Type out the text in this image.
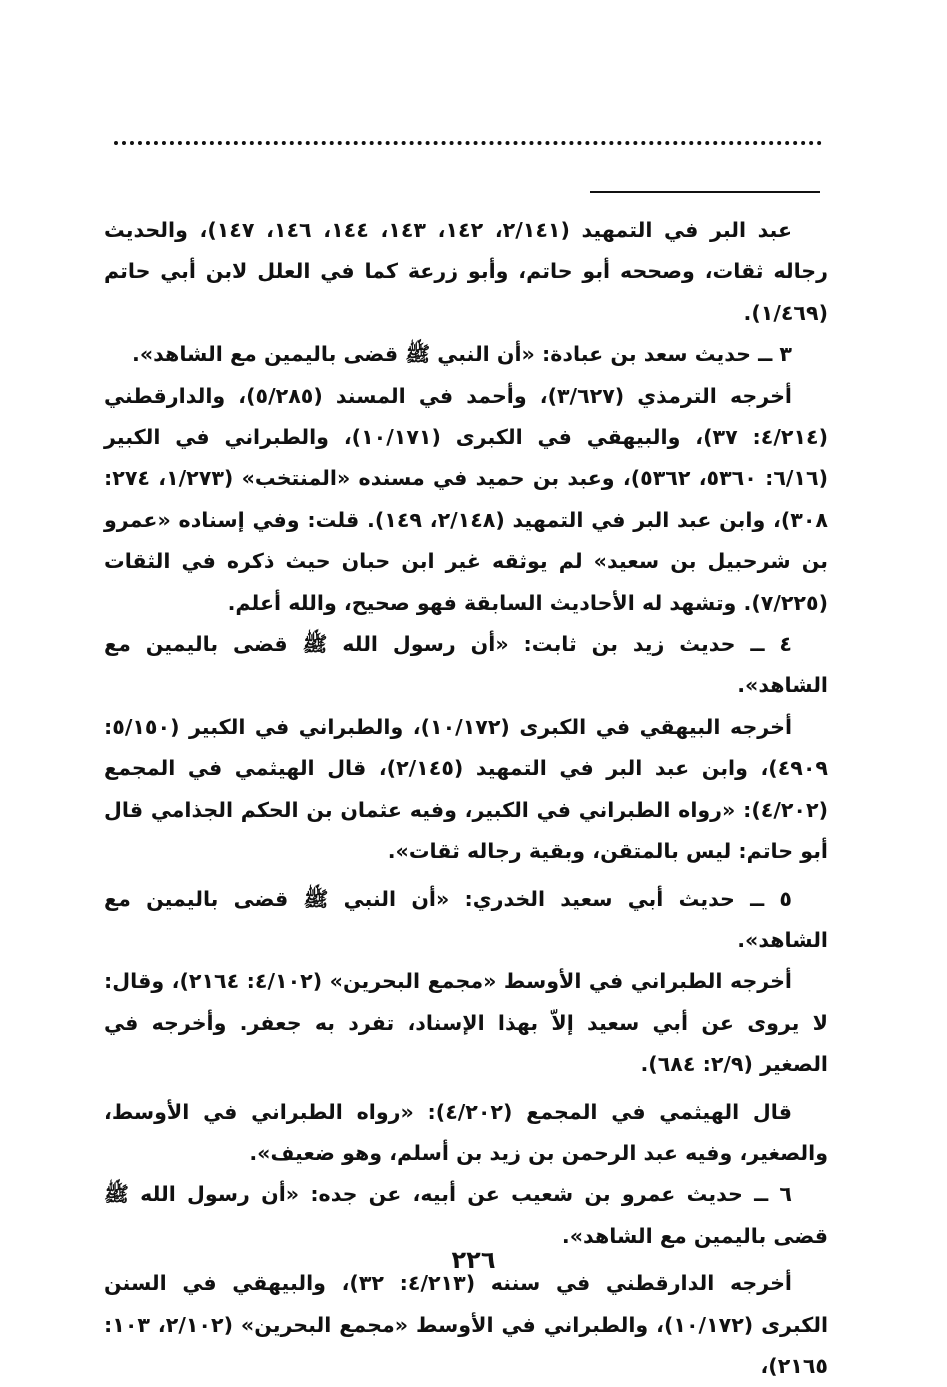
عبد البر في التمهيد (٢/١٤١، ١٤٢، ١٤٣، ١٤٤، ١٤٦، ١٤٧)، والحديث رجاله ثقات، وصححه أبو حاتم، وأبو زرعة كما في العلل لابن أبي حاتم (١/٤٦٩).

٣ ــ حديث سعد بن عبادة: «أن النبي ﷺ قضى باليمين مع الشاهد».

أخرجه الترمذي (٣/٦٢٧)، وأحمد في المسند (٥/٢٨٥)، والدارقطني (٤/٢١٤: ٣٧)، والبيهقي في الكبرى (١٠/١٧١)، والطبراني في الكبير (٦/١٦: ٥٣٦٠، ٥٣٦٢)، وعبد بن حميد في مسنده «المنتخب» (١/٢٧٣، ٢٧٤: ٣٠٨)، وابن عبد البر في التمهيد (٢/١٤٨، ١٤٩). قلت: وفي إسناده «عمرو بن شرحبيل بن سعيد» لم يوثقه غير ابن حبان حيث ذكره في الثقات (٧/٢٢٥). وتشهد له الأحاديث السابقة فهو صحيح، والله أعلم.

٤ ــ حديث زيد بن ثابت: «أن رسول الله ﷺ قضى باليمين مع الشاهد».

أخرجه البيهقي في الكبرى (١٠/١٧٢)، والطبراني في الكبير (٥/١٥٠: ٤٩٠٩)، وابن عبد البر في التمهيد (٢/١٤٥)، قال الهيثمي في المجمع (٤/٢٠٢): «رواه الطبراني في الكبير، وفيه عثمان بن الحكم الجذامي قال أبو حاتم: ليس بالمتقن، وبقية رجاله ثقات».

٥ ــ حديث أبي سعيد الخدري: «أن النبي ﷺ قضى باليمين مع الشاهد».

أخرجه الطبراني في الأوسط «مجمع البحرين» (٤/١٠٢: ٢١٦٤)، وقال: لا يروى عن أبي سعيد إلاّ بهذا الإسناد، تفرد به جعفر. وأخرجه في الصغير (٢/٩: ٦٨٤).

قال الهيثمي في المجمع (٤/٢٠٢): «رواه الطبراني في الأوسط، والصغير، وفيه عبد الرحمن بن زيد بن أسلم، وهو ضعيف».

٦ ــ حديث عمرو بن شعيب عن أبيه، عن جده: «أن رسول الله ﷺ قضى باليمين مع الشاهد».

أخرجه الدارقطني في سننه (٤/٢١٣: ٣٢)، والبيهقي في السنن الكبرى (١٠/١٧٢)، والطبراني في الأوسط «مجمع البحرين» (٢/١٠٢، ١٠٣: ٢١٦٥)،

٢٢٦
